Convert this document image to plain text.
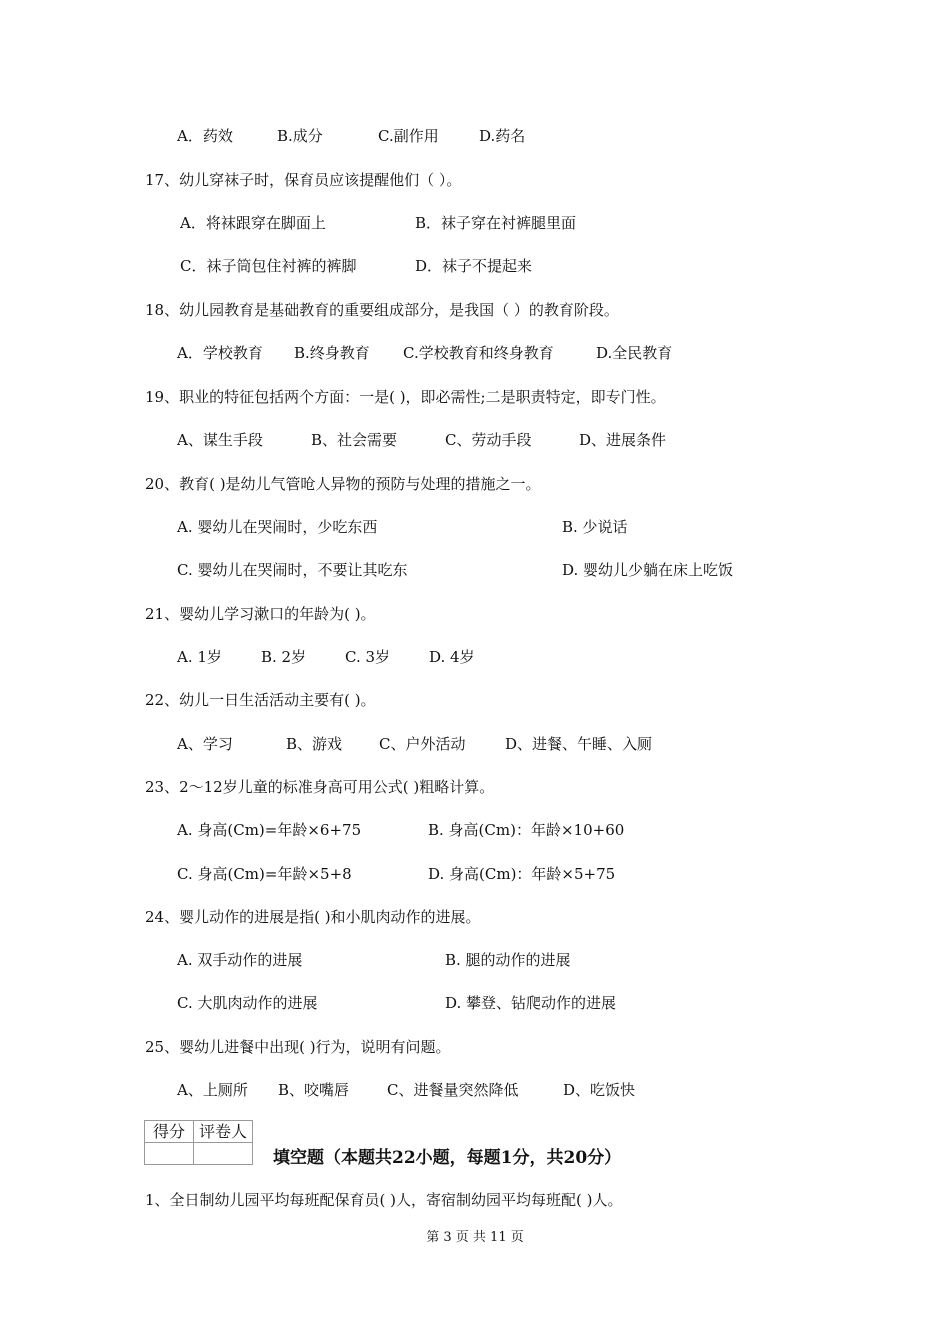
A．药效	B.成分	C.副作用	D.药名
17、幼儿穿袜子时，保育员应该提醒他们（ ）。
A．将袜跟穿在脚面上	B．袜子穿在衬裤腿里面
C．袜子筒包住衬裤的裤脚	D．袜子不提起来
18、幼儿园教育是基础教育的重要组成部分，是我国（ ）的教育阶段。
A．学校教育 B.终身教育 C.学校教育和终身教育	D.全民教育
19、职业的特征包括两个方面：一是( )，即必需性;二是职责特定，即专门性。
A、谋生手段	B、社会需要	C、劳动手段	D、进展条件
20、教育( )是幼儿气管呛人异物的预防与处理的措施之一。
A. 婴幼儿在哭闹时，少吃东西	B. 少说话
C. 婴幼儿在哭闹时，不要让其吃东	D. 婴幼儿少躺在床上吃饭
21、婴幼儿学习漱口的年龄为( )。
A. 1岁	B. 2岁	C. 3岁	D. 4岁
22、幼儿一日生活活动主要有( )。
A、学习	B、游戏 C、户外活动	D、进餐、午睡、入厕
23、2～12岁儿童的标准身高可用公式( )粗略计算。
A. 身高(Cm)=年龄×6+75	B. 身高(Cm)：年龄×10+60
C. 身高(Cm)=年龄×5+8	D. 身高(Cm)：年龄×5+75
24、婴儿动作的进展是指( )和小肌肉动作的进展。
A. 双手动作的进展	B. 腿的动作的进展
C. 大肌肉动作的进展	D. 攀登、钻爬动作的进展
25、婴幼儿进餐中出现( )行为，说明有问题。
A、上厕所 B、咬嘴唇	C、进餐量突然降低	D、吃饭快
得分	评卷人

填空题（本题共22小题，每题1分，共20分）
1、全日制幼儿园平均每班配保育员( )人，寄宿制幼园平均每班配( )人。
第 3 页 共 11 页
